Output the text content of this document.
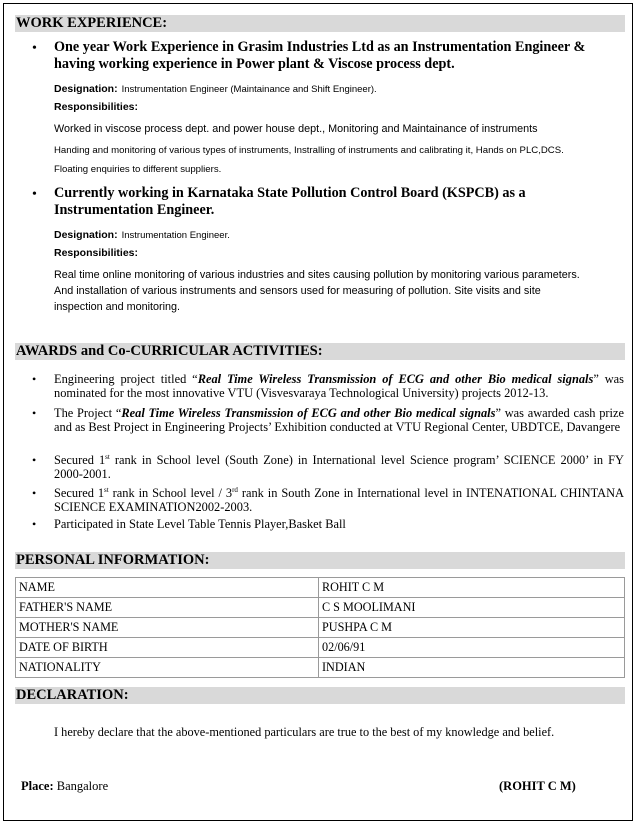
WORK EXPERIENCE:
• One year Work Experience in Grasim Industries Ltd as an Instrumentation Engineer &
having working experience in Power plant & Viscose process dept.
Designation: Instrumentation Engineer (Maintainance and Shift Engineer).
Responsibilities:
Worked in viscose process dept. and power house dept., Monitoring and Maintainance of instruments
Handing and monitoring of various types of instruments, Instralling of instruments and calibrating it, Hands on PLC,DCS.
Floating enquiries to different suppliers.
• Currently working in Karnataka State Pollution Control Board (KSPCB) as a
Instrumentation Engineer.
Designation: Instrumentation Engineer.
Responsibilities:
Real time online monitoring of various industries and sites causing pollution by monitoring various parameters.
And installation of various instruments and sensors used for measuring of pollution. Site visits and site
inspection and monitoring.
AWARDS and Co-CURRICULAR ACTIVITIES:
• Engineering project titled “Real Time Wireless Transmission of ECG and other Bio medical signals” was nominated for the most innovative VTU (Visvesvaraya Technological University) projects 2012-13.
• The Project “Real Time Wireless Transmission of ECG and other Bio medical signals” was awarded cash prize and as Best Project in Engineering Projects’ Exhibition conducted at VTU Regional Center, UBDTCE, Davangere
• Secured 1st rank in School level (South Zone) in International level Science program’ SCIENCE 2000’ in FY 2000-2001.
• Secured 1st rank in School level / 3rd rank in South Zone in International level in INTENATIONAL CHINTANA SCIENCE EXAMINATION2002-2003.
• Participated in State Level Table Tennis Player,Basket Ball
PERSONAL INFORMATION:
NAME	ROHIT C M
FATHER'S NAME	C S MOOLIMANI
MOTHER'S NAME	PUSHPA C M
DATE OF BIRTH	02/06/91
NATIONALITY	INDIAN
DECLARATION:
I hereby declare that the above-mentioned particulars are true to the best of my knowledge and belief.
Place: Bangalore	(ROHIT C M)
